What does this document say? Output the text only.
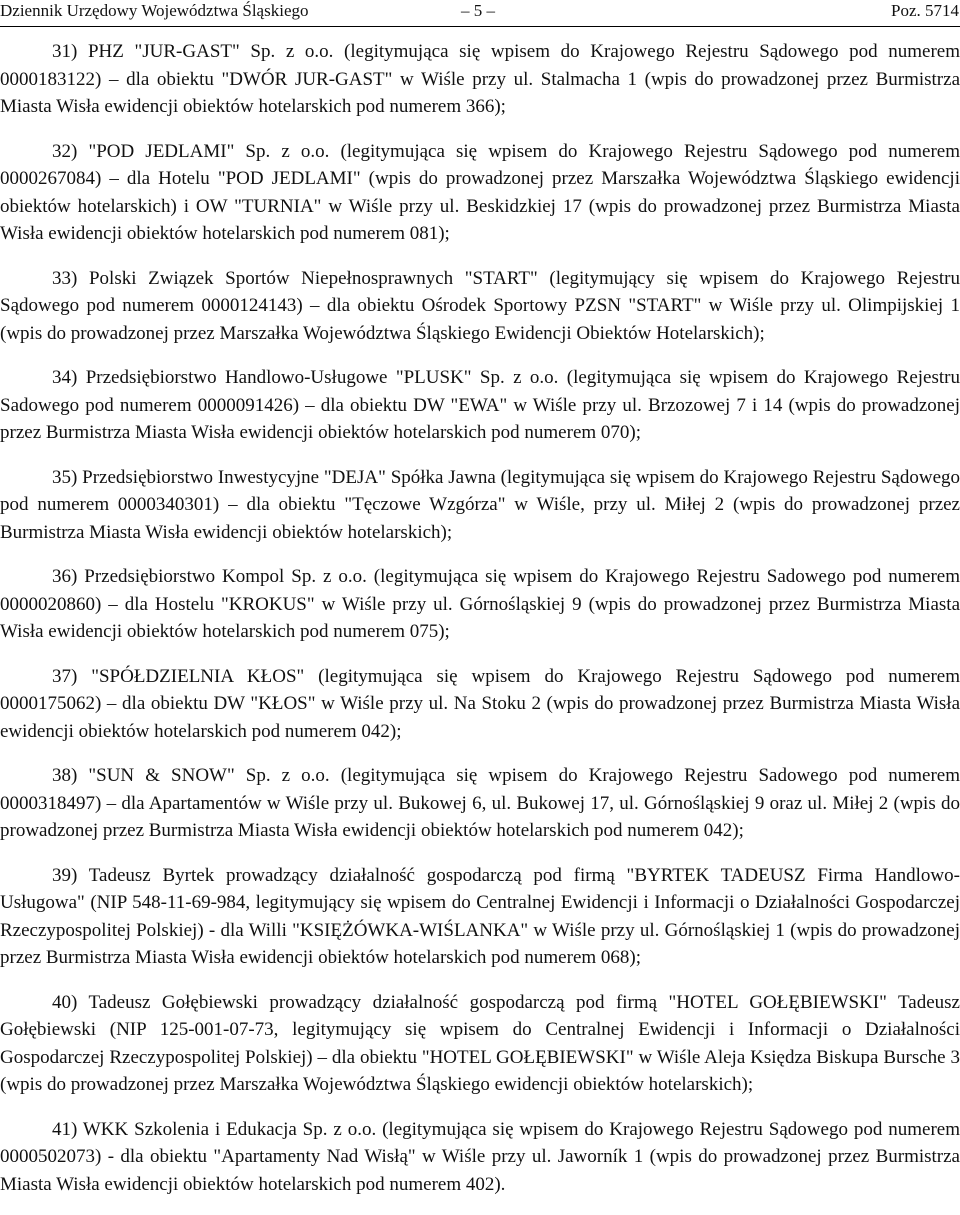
Dziennik Urzędowy Województwa Śląskiego	– 5 –	Poz. 5714

31) PHZ "JUR-GAST" Sp. z o.o. (legitymująca się wpisem do Krajowego Rejestru Sądowego pod numerem 0000183122) – dla obiektu "DWÓR JUR-GAST" w Wiśle przy ul. Stalmacha 1 (wpis do prowadzonej przez Burmistrza Miasta Wisła ewidencji obiektów hotelarskich pod numerem 366);

32) "POD JEDLAMI" Sp. z o.o. (legitymująca się wpisem do Krajowego Rejestru Sądowego pod numerem 0000267084) – dla Hotelu "POD JEDLAMI" (wpis do prowadzonej przez Marszałka Województwa Śląskiego ewidencji obiektów hotelarskich) i OW "TURNIA" w Wiśle przy ul. Beskidzkiej 17 (wpis do prowadzonej przez Burmistrza Miasta Wisła ewidencji obiektów hotelarskich pod numerem 081);

33) Polski Związek Sportów Niepełnosprawnych "START" (legitymujący się wpisem do Krajowego Rejestru Sądowego pod numerem 0000124143) – dla obiektu Ośrodek Sportowy PZSN "START" w Wiśle przy ul. Olimpijskiej 1 (wpis do prowadzonej przez Marszałka Województwa Śląskiego Ewidencji Obiektów Hotelarskich);

34) Przedsiębiorstwo Handlowo-Usługowe "PLUSK" Sp. z o.o. (legitymująca się wpisem do Krajowego Rejestru Sadowego pod numerem 0000091426) – dla obiektu DW "EWA" w Wiśle przy ul. Brzozowej 7 i 14 (wpis do prowadzonej przez Burmistrza Miasta Wisła ewidencji obiektów hotelarskich pod numerem 070);

35) Przedsiębiorstwo Inwestycyjne "DEJA" Spółka Jawna (legitymująca się wpisem do Krajowego Rejestru Sądowego pod numerem 0000340301) – dla obiektu "Tęczowe Wzgórza" w Wiśle, przy ul. Miłej 2 (wpis do prowadzonej przez Burmistrza Miasta Wisła ewidencji obiektów hotelarskich);

36) Przedsiębiorstwo Kompol Sp. z o.o. (legitymująca się wpisem do Krajowego Rejestru Sadowego pod numerem 0000020860) – dla Hostelu "KROKUS" w Wiśle przy ul. Górnośląskiej 9 (wpis do prowadzonej przez Burmistrza Miasta Wisła ewidencji obiektów hotelarskich pod numerem 075);

37) "SPÓŁDZIELNIA KŁOS" (legitymująca się wpisem do Krajowego Rejestru Sądowego pod numerem 0000175062) – dla obiektu DW "KŁOS" w Wiśle przy ul. Na Stoku 2 (wpis do prowadzonej przez Burmistrza Miasta Wisła ewidencji obiektów hotelarskich pod numerem 042);

38) "SUN & SNOW" Sp. z o.o. (legitymująca się wpisem do Krajowego Rejestru Sadowego pod numerem 0000318497) – dla Apartamentów w Wiśle przy ul. Bukowej 6, ul. Bukowej 17, ul. Górnośląskiej 9 oraz ul. Miłej 2 (wpis do prowadzonej przez Burmistrza Miasta Wisła ewidencji obiektów hotelarskich pod numerem 042);

39) Tadeusz Byrtek prowadzący działalność gospodarczą pod firmą "BYRTEK TADEUSZ Firma Handlowo-Usługowa" (NIP 548-11-69-984, legitymujący się wpisem do Centralnej Ewidencji i Informacji o Działalności Gospodarczej Rzeczypospolitej Polskiej) - dla Willi "KSIĘŻÓWKA-WIŚLANKA" w Wiśle przy ul. Górnośląskiej 1 (wpis do prowadzonej przez Burmistrza Miasta Wisła ewidencji obiektów hotelarskich pod numerem 068);

40) Tadeusz Gołębiewski prowadzący działalność gospodarczą pod firmą "HOTEL GOŁĘBIEWSKI" Tadeusz Gołębiewski (NIP 125-001-07-73, legitymujący się wpisem do Centralnej Ewidencji i Informacji o Działalności Gospodarczej Rzeczypospolitej Polskiej) – dla obiektu "HOTEL GOŁĘBIEWSKI" w Wiśle Aleja Księdza Biskupa Bursche 3 (wpis do prowadzonej przez Marszałka Województwa Śląskiego ewidencji obiektów hotelarskich);

41) WKK Szkolenia i Edukacja Sp. z o.o. (legitymująca się wpisem do Krajowego Rejestru Sądowego pod numerem 0000502073) - dla obiektu "Apartamenty Nad Wisłą" w Wiśle przy ul. Jaworník 1 (wpis do prowadzonej przez Burmistrza Miasta Wisła ewidencji obiektów hotelarskich pod numerem 402).
